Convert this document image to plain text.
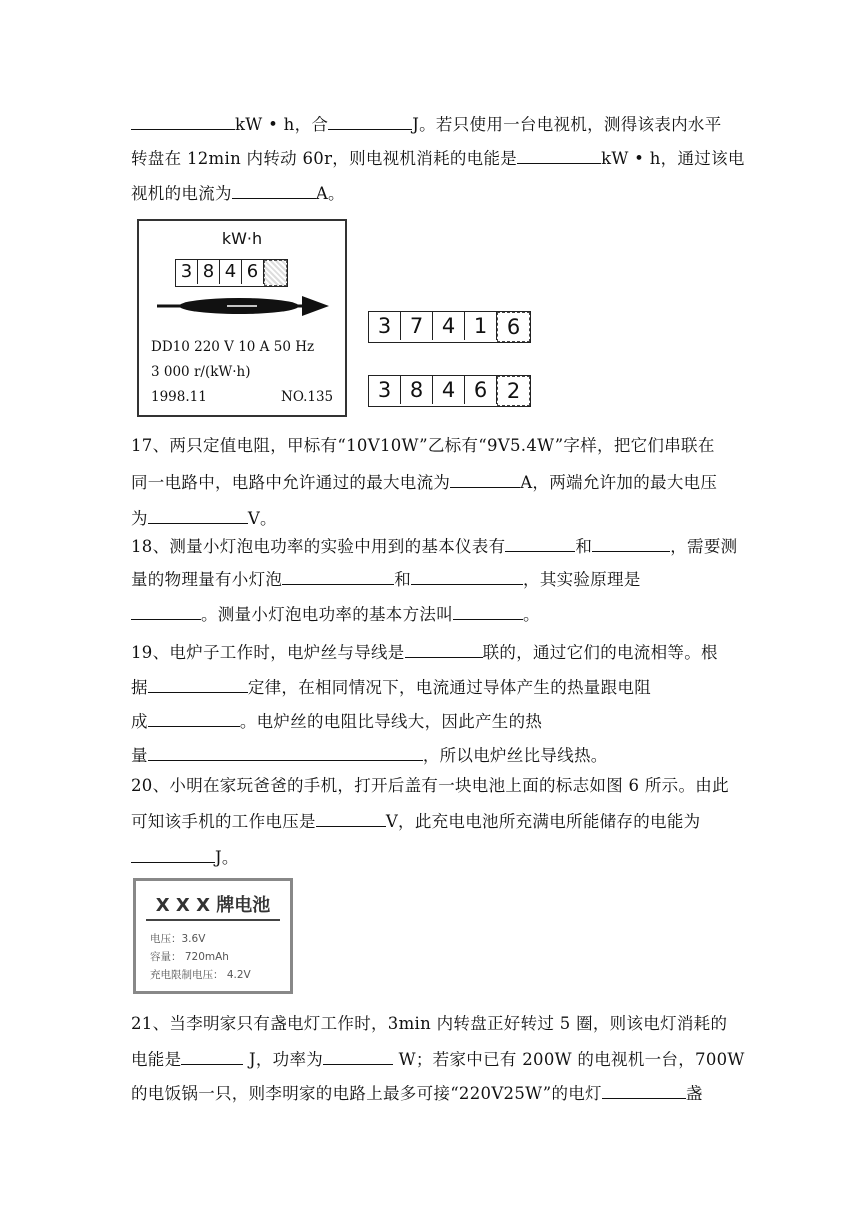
kW • h，合	J。若只使用一台电视机，测得该表内水平
转盘在 12min 内转动 60r，则电视机消耗的电能是	kW • h，通过该电
视机的电流为	A。
kW·h
3 8 4 6
DD10 220 V 10 A 50 Hz
3 000 r/(kW·h)
1998.11	NO.135
3 7 4 1 6
3 8 4 6 2
17、两只定值电阻，甲标有“10V10W”乙标有“9V5.4W”字样，把它们串联在
同一电路中，电路中允许通过的最大电流为	A，两端允许加的最大电压
为	V。
18、测量小灯泡电功率的实验中用到的基本仪表有	和	，需要测
量的物理量有小灯泡	和	，其实验原理是
。测量小灯泡电功率的基本方法叫	。
19、电炉子工作时，电炉丝与导线是	联的，通过它们的电流相等。根
据	定律，在相同情况下，电流通过导体产生的热量跟电阻
成	。电炉丝的电阻比导线大，因此产生的热
量	，所以电炉丝比导线热。
20、小明在家玩爸爸的手机，打开后盖有一块电池上面的标志如图 6 所示。由此
可知该手机的工作电压是	V，此充电电池所充满电所能储存的电能为
J。
X X X 牌电池
电压：3.6V
容量： 720mAh
充电限制电压： 4.2V
21、当李明家只有盏电灯工作时，3min 内转盘正好转过 5 圈，则该电灯消耗的
电能是	J，功率为	W；若家中已有 200W 的电视机一台，700W
的电饭锅一只，则李明家的电路上最多可接“220V25W”的电灯	盏
